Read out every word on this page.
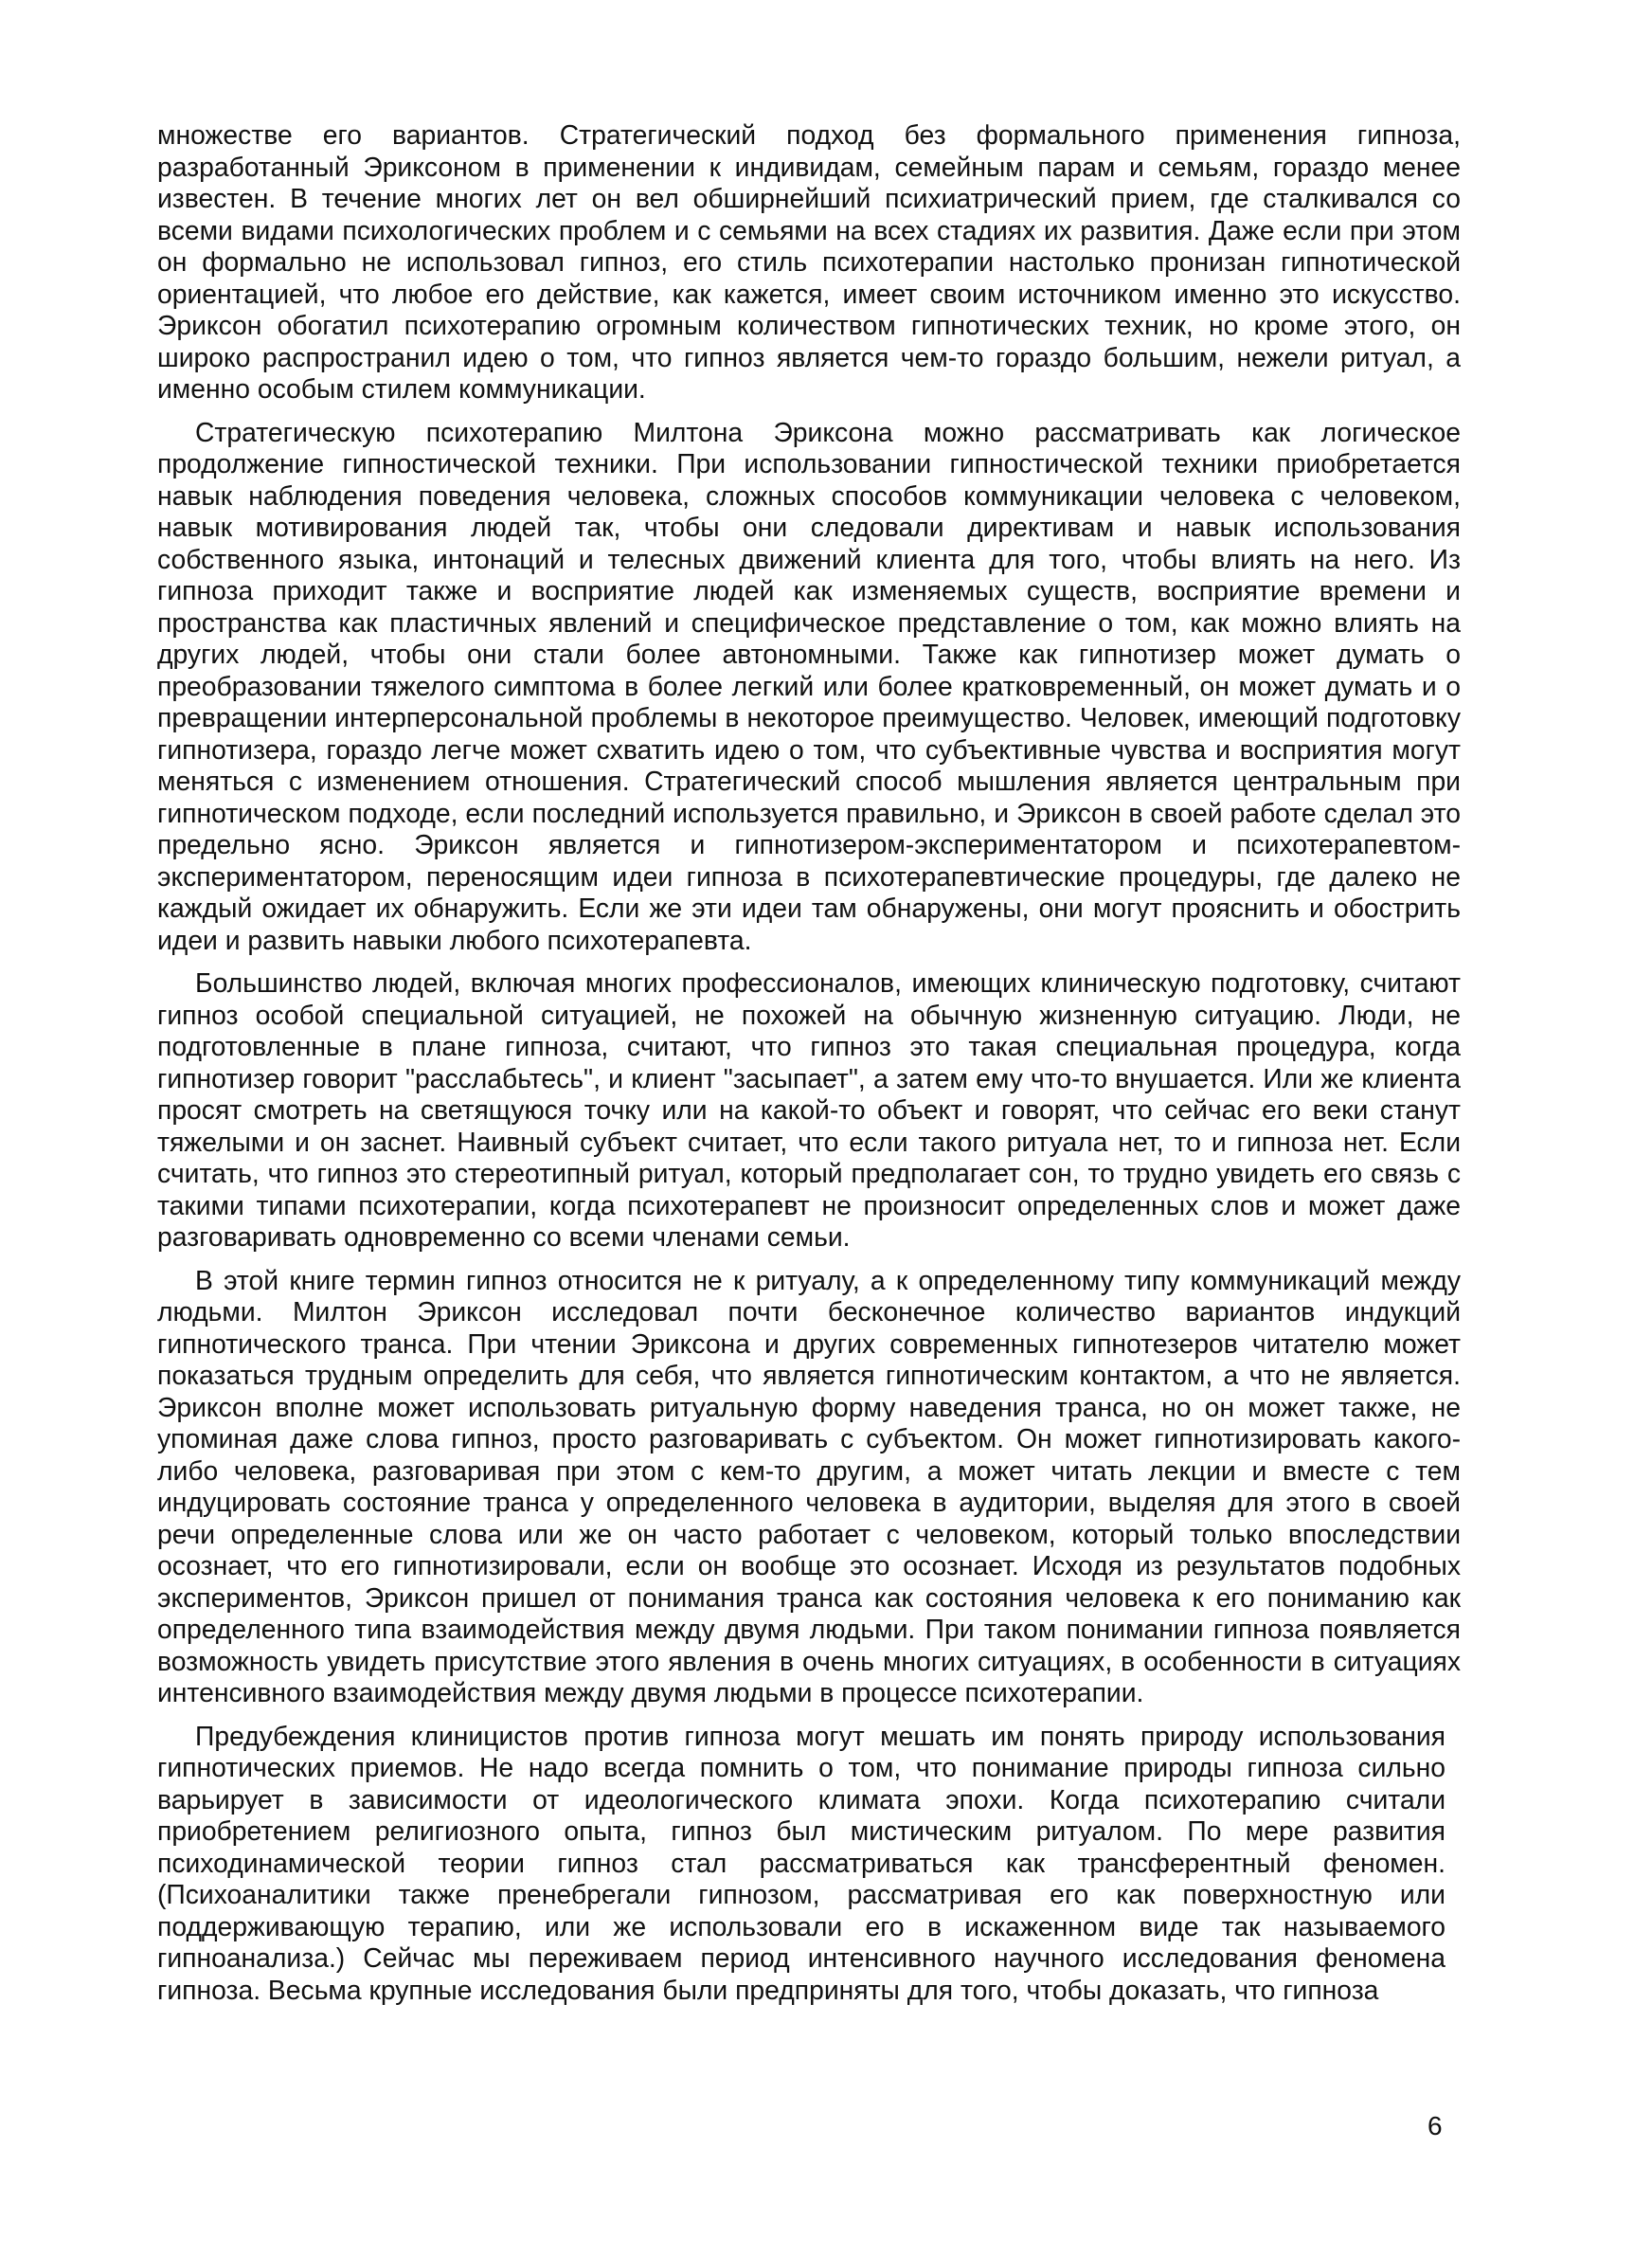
множестве его вариантов. Стратегический подход без формального применения гипноза, разработанный Эриксоном в применении к индивидам, семейным парам и семьям, гораздо менее известен. В течение многих лет он вел обширнейший психиатрический прием, где сталкивался со всеми видами психологических проблем и с семьями на всех стадиях их развития. Даже если при этом он формально не использовал гипноз, его стиль психотерапии настолько пронизан гипнотической ориентацией, что любое его действие, как кажется, имеет своим источником именно это искусство. Эриксон обогатил психотерапию огромным количеством гипнотических техник, но кроме этого, он широко распространил идею о том, что гипноз является чем-то гораздо большим, нежели ритуал, а именно особым стилем коммуникации.

Стратегическую психотерапию Милтона Эриксона можно рассматривать как логическое продолжение гипностической техники. При использовании гипностической техники приобретается навык наблюдения поведения человека, сложных способов коммуникации человека с человеком, навык мотивирования людей так, чтобы они следовали директивам и навык использования собственного языка, интонаций и телесных движений клиента для того, чтобы влиять на него. Из гипноза приходит также и восприятие людей как изменяемых существ, восприятие времени и пространства как пластичных явлений и специфическое представление о том, как можно влиять на других людей, чтобы они стали более автономными. Также как гипнотизер может думать о преобразовании тяжелого симптома в более легкий или более кратковременный, он может думать и о превращении интерперсональной проблемы в некоторое преимущество. Человек, имеющий подготовку гипнотизера, гораздо легче может схватить идею о том, что субъективные чувства и восприятия могут меняться с изменением отношения. Стратегический способ мышления является центральным при гипнотическом подходе, если последний используется правильно, и Эриксон в своей работе сделал это предельно ясно. Эриксон является и гипнотизером-экспериментатором и психотерапевтом-экспериментатором, переносящим идеи гипноза в психотерапевтические процедуры, где далеко не каждый ожидает их обнаружить. Если же эти идеи там обнаружены, они могут прояснить и обострить идеи и развить навыки любого психотерапевта.

Большинство людей, включая многих профессионалов, имеющих клиническую подготовку, считают гипноз особой специальной ситуацией, не похожей на обычную жизненную ситуацию. Люди, не подготовленные в плане гипноза, считают, что гипноз это такая специальная процедура, когда гипнотизер говорит "расслабьтесь", и клиент "засыпает", а затем ему что-то внушается. Или же клиента просят смотреть на светящуюся точку или на какой-то объект и говорят, что сейчас его веки станут тяжелыми и он заснет. Наивный субъект считает, что если такого ритуала нет, то и гипноза нет. Если считать, что гипноз это стереотипный ритуал, который предполагает сон, то трудно увидеть его связь с такими типами психотерапии, когда психотерапевт не произносит определенных слов и может даже разговаривать одновременно со всеми членами семьи.

В этой книге термин гипноз относится не к ритуалу, а к определенному типу коммуникаций между людьми. Милтон Эриксон исследовал почти бесконечное количество вариантов индукций гипнотического транса. При чтении Эриксона и других современных гипнотезеров читателю может показаться трудным определить для себя, что является гипнотическим контактом, а что не является. Эриксон вполне может использовать ритуальную форму наведения транса, но он может также, не упоминая даже слова гипноз, просто разговаривать с субъектом. Он может гипнотизировать какого-либо человека, разговаривая при этом с кем-то другим, а может читать лекции и вместе с тем индуцировать состояние транса у определенного человека в аудитории, выделяя для этого в своей речи определенные слова или же он часто работает с человеком, который только впоследствии осознает, что его гипнотизировали, если он вообще это осознает. Исходя из результатов подобных экспериментов, Эриксон пришел от понимания транса как состояния человека к его пониманию как определенного типа взаимодействия между двумя людьми. При таком понимании гипноза появляется возможность увидеть присутствие этого явления в очень многих ситуациях, в особенности в ситуациях интенсивного взаимодействия между двумя людьми в процессе психотерапии.

Предубеждения клиницистов против гипноза могут мешать им понять природу использования гипнотических приемов. Не надо всегда помнить о том, что понимание природы гипноза сильно варьирует в зависимости от идеологического климата эпохи. Когда психотерапию считали приобретением религиозного опыта, гипноз был мистическим ритуалом. По мере развития психодинамической теории гипноз стал рассматриваться как трансферентный феномен. (Психоаналитики также пренебрегали гипнозом, рассматривая его как поверхностную или поддерживающую терапию, или же использовали его в искаженном виде так называемого гипноанализа.) Сейчас мы переживаем период интенсивного научного исследования феномена гипноза. Весьма крупные исследования были предприняты для того, чтобы доказать, что гипноза

6
